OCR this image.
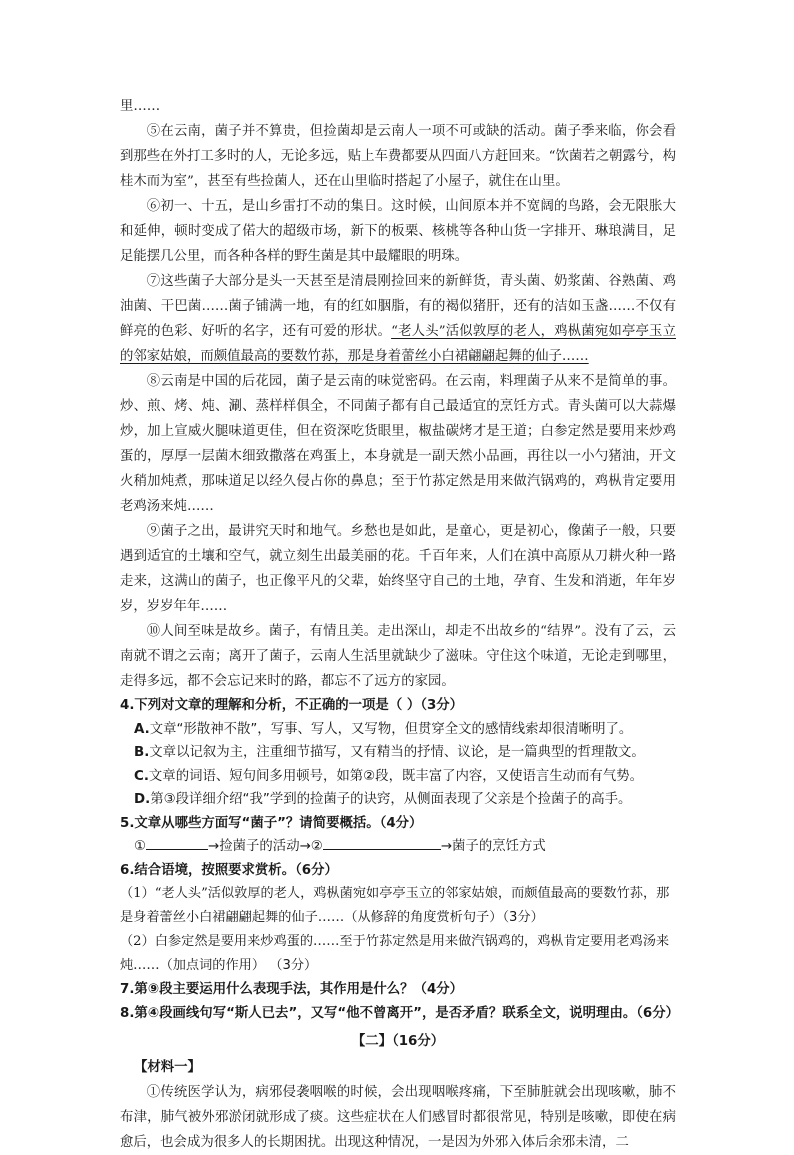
里……

⑤在云南，菌子并不算贵，但捡菌却是云南人一项不可或缺的活动。菌子季来临，你会看到那些在外打工多时的人，无论多远，贴上车费都要从四面八方赶回来。“饮菌若之朝露兮，构桂木而为室”，甚至有些捡菌人，还在山里临时搭起了小屋子，就住在山里。

⑥初一、十五，是山乡雷打不动的集日。这时候，山间原本并不宽阔的鸟路，会无限胀大和延伸，顿时变成了偌大的超级市场，新下的板栗、核桃等各种山货一字排开、琳琅满目，足足能摆几公里，而各种各样的野生菌是其中最耀眼的明珠。

⑦这些菌子大部分是头一天甚至是清晨刚捡回来的新鲜货，青头菌、奶浆菌、谷熟菌、鸡油菌、干巴菌……菌子铺满一地，有的红如胭脂，有的褐似猪肝，还有的洁如玉盏……不仅有鲜亮的色彩、好听的名字，还有可爱的形状。“老人头”活似敦厚的老人，鸡枞菌宛如亭亭玉立的邻家姑娘，而颇值最高的要数竹荪，那是身着蕾丝小白裙翩翩起舞的仙子……

⑧云南是中国的后花园，菌子是云南的味觉密码。在云南，料理菌子从来不是简单的事。炒、煎、烤、炖、涮、蒸样样俱全，不同菌子都有自己最适宜的烹饪方式。青头菌可以大蒜爆炒，加上宣威火腿味道更佳，但在资深吃货眼里，椒盐碳烤才是王道；白参定然是要用来炒鸡蛋的，厚厚一层菌木细致撒落在鸡蛋上，本身就是一副天然小品画，再往以一小勺猪油，开文火稍加炖煮，那味道足以经久侵占你的鼻息；至于竹荪定然是用来做汽锅鸡的，鸡枞肯定要用老鸡汤来炖……

⑨菌子之出，最讲究天时和地气。乡愁也是如此，是童心，更是初心，像菌子一般，只要遇到适宜的土壤和空气，就立刻生出最美丽的花。千百年来，人们在滇中高原从刀耕火种一路走来，这满山的菌子，也正像平凡的父辈，始终坚守自己的土地，孕育、生发和消逝，年年岁岁，岁岁年年……

⑩人间至味是故乡。菌子，有情且美。走出深山，却走不出故乡的“结界”。没有了云，云南就不谓之云南；离开了菌子，云南人生活里就缺少了滋味。守住这个味道，无论走到哪里，走得多远，都不会忘记来时的路，都忘不了远方的家园。

4.下列对文章的理解和分析，不正确的一项是（ ）（3分）

A.文章“形散神不散”，写事、写人，又写物，但贯穿全文的感情线索却很清晰明了。

B.文章以记叙为主，注重细节描写，又有精当的抒情、议论，是一篇典型的哲理散文。

C.文章的词语、短句间多用顿号，如第②段，既丰富了内容，又使语言生动而有气势。

D.第③段详细介绍“我”学到的捡菌子的诀窍，从侧面表现了父亲是个捡菌子的高手。

5.文章从哪些方面写“菌子”？请简要概括。（4分）

①	→捡菌子的活动→②	→菌子的烹饪方式

6.结合语境，按照要求赏析。（6分）

（1）“老人头”活似敦厚的老人，鸡枞菌宛如亭亭玉立的邻家姑娘，而颇值最高的要数竹荪，那是身着蕾丝小白裙翩翩起舞的仙子……（从修辞的角度赏析句子）（3分）

（2）白参定然是要用来炒鸡蛋的……至于竹荪定然是用来做汽锅鸡的，鸡枞肯定要用老鸡汤来炖……（加点词的作用） （3分）

7.第⑨段主要运用什么表现手法，其作用是什么？（4分）

8.第④段画线句写“斯人已去”，又写“他不曾离开”，是否矛盾？联系全文，说明理由。（6分）

【二】（16分）

【材料一】

①传统医学认为，病邪侵袭咽喉的时候，会出现咽喉疼痛，下至肺脏就会出现咳嗽，肺不布津，肺气被外邪淤闭就形成了痰。这些症状在人们感冒时都很常见，特别是咳嗽，即使在病愈后，也会成为很多人的长期困扰。出现这种情况，一是因为外邪入体后余邪未清，二
